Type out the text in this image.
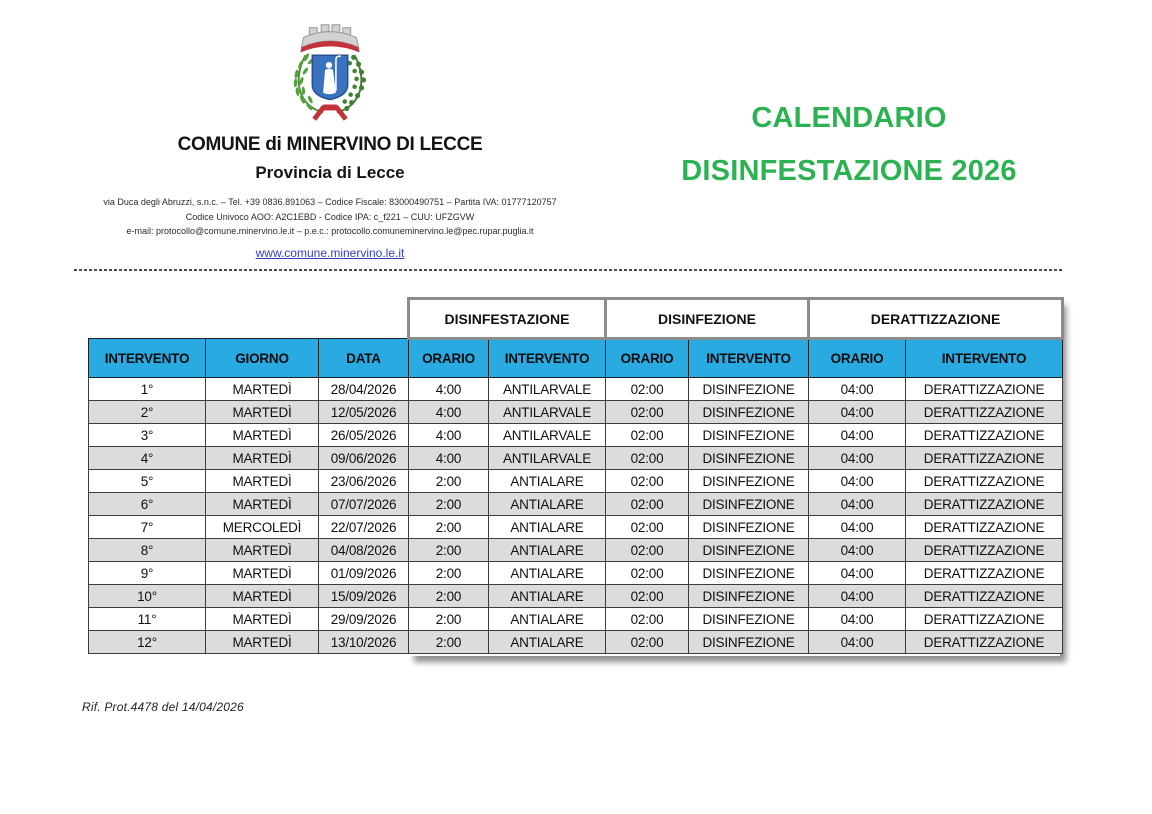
COMUNE di MINERVINO DI LECCE
Provincia di Lecce
via Duca degli Abruzzi, s.n.c. – Tel. +39 0836.891063 – Codice Fiscale: 83000490751 – Partita IVA: 01777120757
Codice Univoco AOO: A2C1EBD - Codice IPA: c_f221 – CUU: UFZGVW
e-mail: protocollo@comune.minervino.le.it – p.e.c.: protocollo.comuneminervino.le@pec.rupar.puglia.it
www.comune.minervino.le.it
CALENDARIO
DISINFESTAZIONE 2026
			DISINFESTAZIONE		DISINFEZIONE		DERATTIZZAZIONE	
INTERVENTO	GIORNO	DATA	ORARIO	INTERVENTO	ORARIO	INTERVENTO	ORARIO	INTERVENTO
1°	MARTEDÌ	28/04/2026	4:00	ANTILARVALE	02:00	DISINFEZIONE	04:00	DERATTIZZAZIONE
2°	MARTEDÌ	12/05/2026	4:00	ANTILARVALE	02:00	DISINFEZIONE	04:00	DERATTIZZAZIONE
3°	MARTEDÌ	26/05/2026	4:00	ANTILARVALE	02:00	DISINFEZIONE	04:00	DERATTIZZAZIONE
4°	MARTEDÌ	09/06/2026	4:00	ANTILARVALE	02:00	DISINFEZIONE	04:00	DERATTIZZAZIONE
5°	MARTEDÌ	23/06/2026	2:00	ANTIALARE	02:00	DISINFEZIONE	04:00	DERATTIZZAZIONE
6°	MARTEDÌ	07/07/2026	2:00	ANTIALARE	02:00	DISINFEZIONE	04:00	DERATTIZZAZIONE
7°	MERCOLEDÌ	22/07/2026	2:00	ANTIALARE	02:00	DISINFEZIONE	04:00	DERATTIZZAZIONE
8°	MARTEDÌ	04/08/2026	2:00	ANTIALARE	02:00	DISINFEZIONE	04:00	DERATTIZZAZIONE
9°	MARTEDÌ	01/09/2026	2:00	ANTIALARE	02:00	DISINFEZIONE	04:00	DERATTIZZAZIONE
10°	MARTEDÌ	15/09/2026	2:00	ANTIALARE	02:00	DISINFEZIONE	04:00	DERATTIZZAZIONE
11°	MARTEDÌ	29/09/2026	2:00	ANTIALARE	02:00	DISINFEZIONE	04:00	DERATTIZZAZIONE
12°	MARTEDÌ	13/10/2026	2:00	ANTIALARE	02:00	DISINFEZIONE	04:00	DERATTIZZAZIONE
Rif. Prot.4478 del 14/04/2026
